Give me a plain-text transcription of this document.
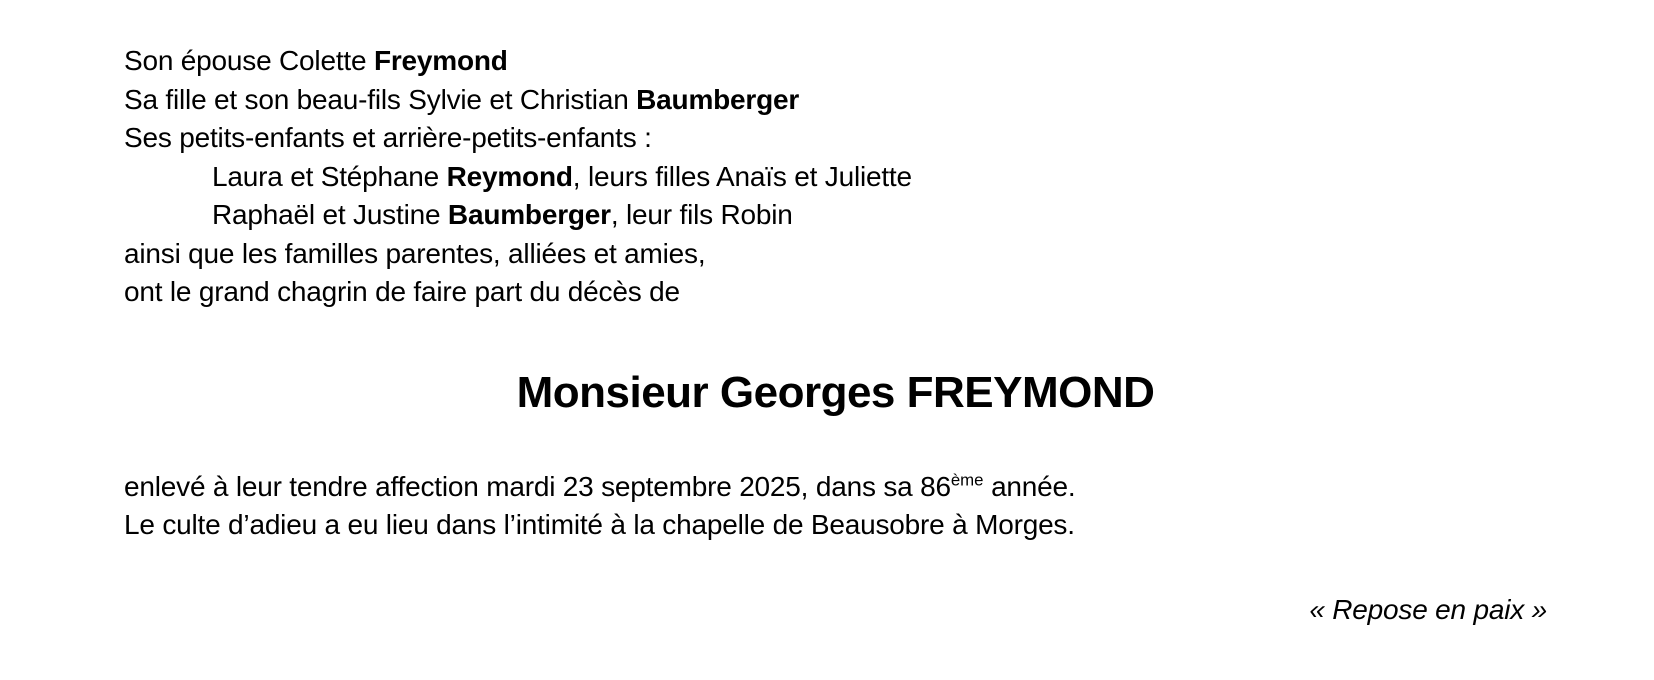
Son épouse Colette Freymond

Sa fille et son beau-fils Sylvie et Christian Baumberger

Ses petits-enfants et arrière-petits-enfants :

Laura et Stéphane Reymond, leurs filles Anaïs et Juliette

Raphaël et Justine Baumberger, leur fils Robin

ainsi que les familles parentes, alliées et amies,

ont le grand chagrin de faire part du décès de

Monsieur Georges FREYMOND

enlevé à leur tendre affection mardi 23 septembre 2025, dans sa 86ème année.

Le culte d’adieu a eu lieu dans l’intimité à la chapelle de Beausobre à Morges.

« Repose en paix »
